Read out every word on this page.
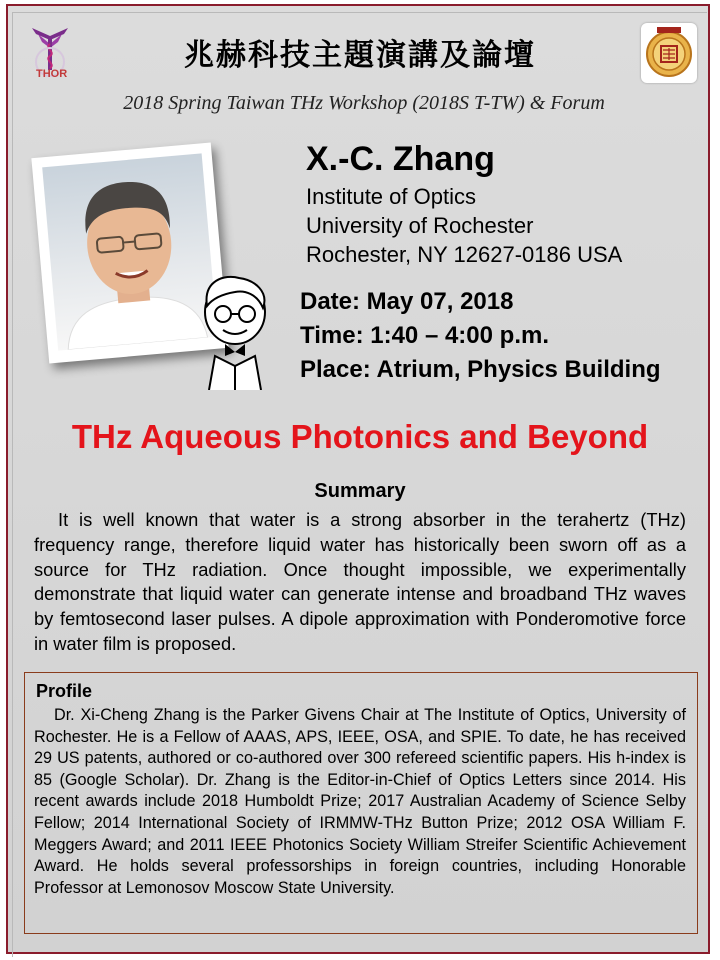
THOR
兆赫科技主題演講及論壇
2018 Spring Taiwan THz Workshop (2018S T-TW) & Forum
X.-C. Zhang
Institute of Optics
University of Rochester
Rochester, NY 12627-0186 USA
Date: May 07, 2018
Time: 1:40 – 4:00 p.m.
Place: Atrium, Physics Building
THz Aqueous Photonics and Beyond
Summary
It is well known that water is a strong absorber in the terahertz (THz) frequency range, therefore liquid water has historically been sworn off as a source for THz radiation. Once thought impossible, we experimentally demonstrate that liquid water can generate intense and broadband THz waves by femtosecond laser pulses. A dipole approximation with Ponderomotive force in water film is proposed.
Profile
Dr. Xi-Cheng Zhang is the Parker Givens Chair at The Institute of Optics, University of Rochester. He is a Fellow of AAAS, APS, IEEE, OSA, and SPIE. To date, he has received 29 US patents, authored or co-authored over 300 refereed scientific papers. His h-index is 85 (Google Scholar). Dr. Zhang is the Editor-in-Chief of Optics Letters since 2014. His recent awards include 2018 Humboldt Prize; 2017 Australian Academy of Science Selby Fellow; 2014 International Society of IRMMW-THz Button Prize; 2012 OSA William F. Meggers Award; and 2011 IEEE Photonics Society William Streifer Scientific Achievement Award. He holds several professorships in foreign countries, including Honorable Professor at Lemonosov Moscow State University.
